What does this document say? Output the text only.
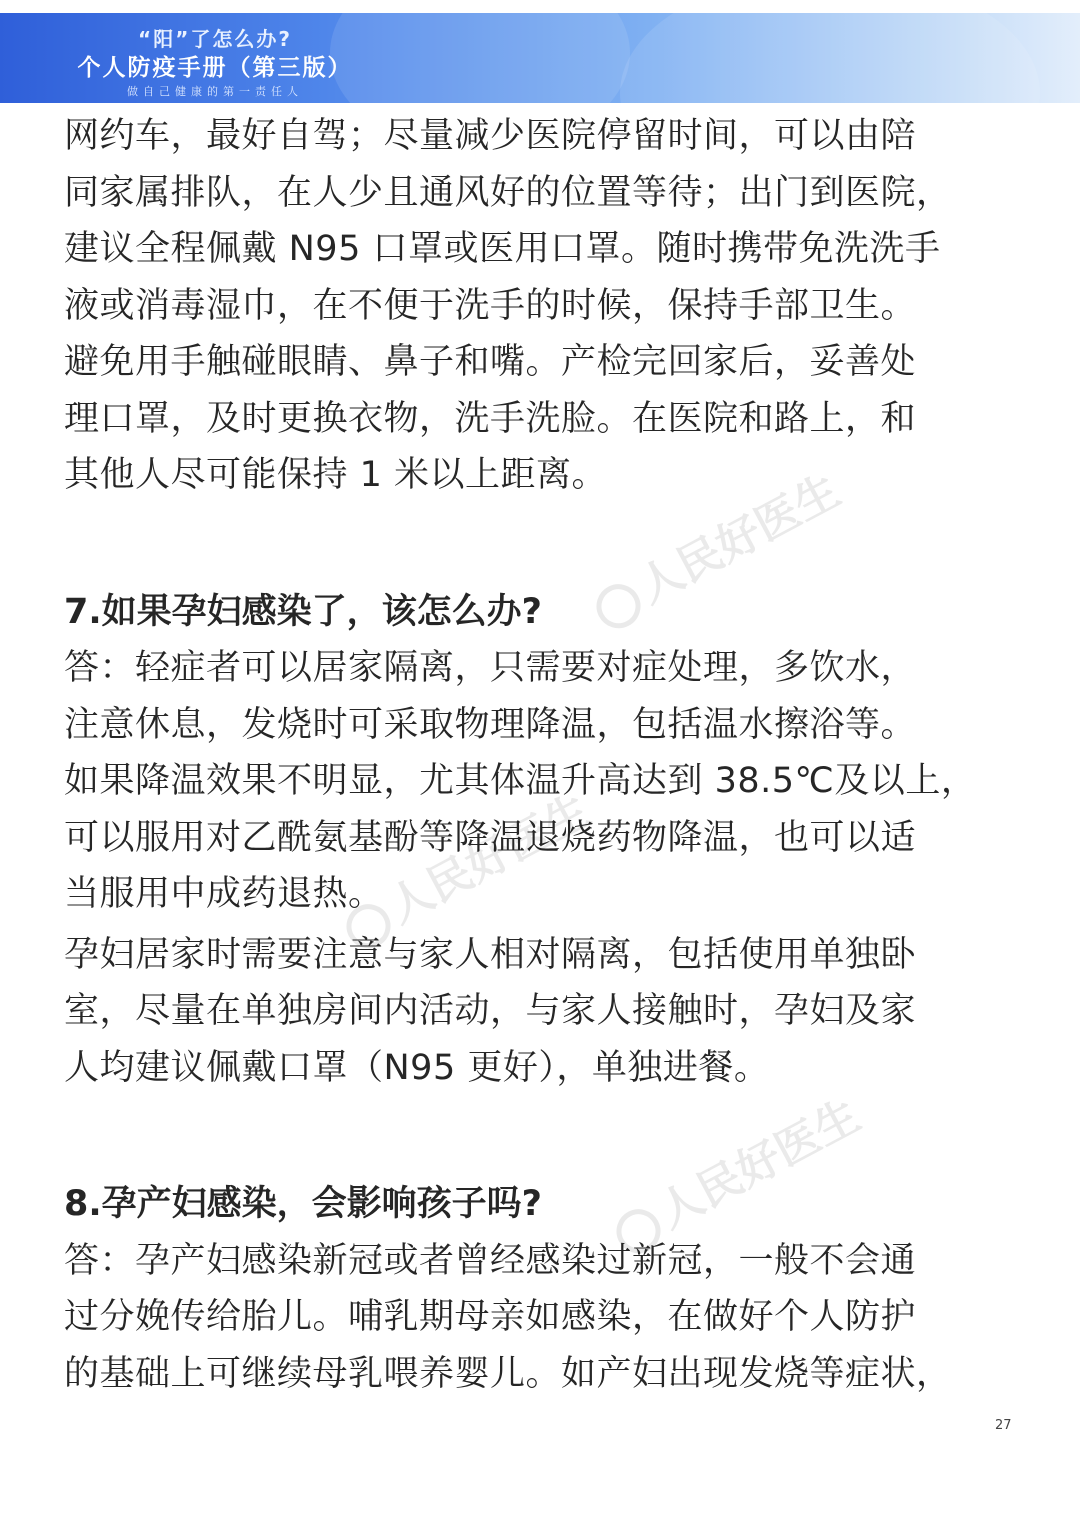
“阳”了怎么办?
个人防疫手册（第三版）
做自己健康的第一责任人
人民好医生
人民好医生
人民好医生

网约车，最好自驾；尽量减少医院停留时间，可以由陪

同家属排队，在人少且通风好的位置等待；出门到医院，

建议全程佩戴 N95 口罩或医用口罩。随时携带免洗洗手

液或消毒湿巾，在不便于洗手的时候，保持手部卫生。

避免用手触碰眼睛、鼻子和嘴。产检完回家后，妥善处

理口罩，及时更换衣物，洗手洗脸。在医院和路上，和

其他人尽可能保持 1 米以上距离。

7.如果孕妇感染了，该怎么办?

答：轻症者可以居家隔离，只需要对症处理，多饮水，

注意休息，发烧时可采取物理降温，包括温水擦浴等。

如果降温效果不明显，尤其体温升高达到 38.5℃及以上，

可以服用对乙酰氨基酚等降温退烧药物降温，也可以适

当服用中成药退热。

孕妇居家时需要注意与家人相对隔离，包括使用单独卧

室，尽量在单独房间内活动，与家人接触时，孕妇及家

人均建议佩戴口罩（N95 更好），单独进餐。

8.孕产妇感染，会影响孩子吗?

答：孕产妇感染新冠或者曾经感染过新冠，一般不会通

过分娩传给胎儿。哺乳期母亲如感染，在做好个人防护

的基础上可继续母乳喂养婴儿。如产妇出现发烧等症状，

27
